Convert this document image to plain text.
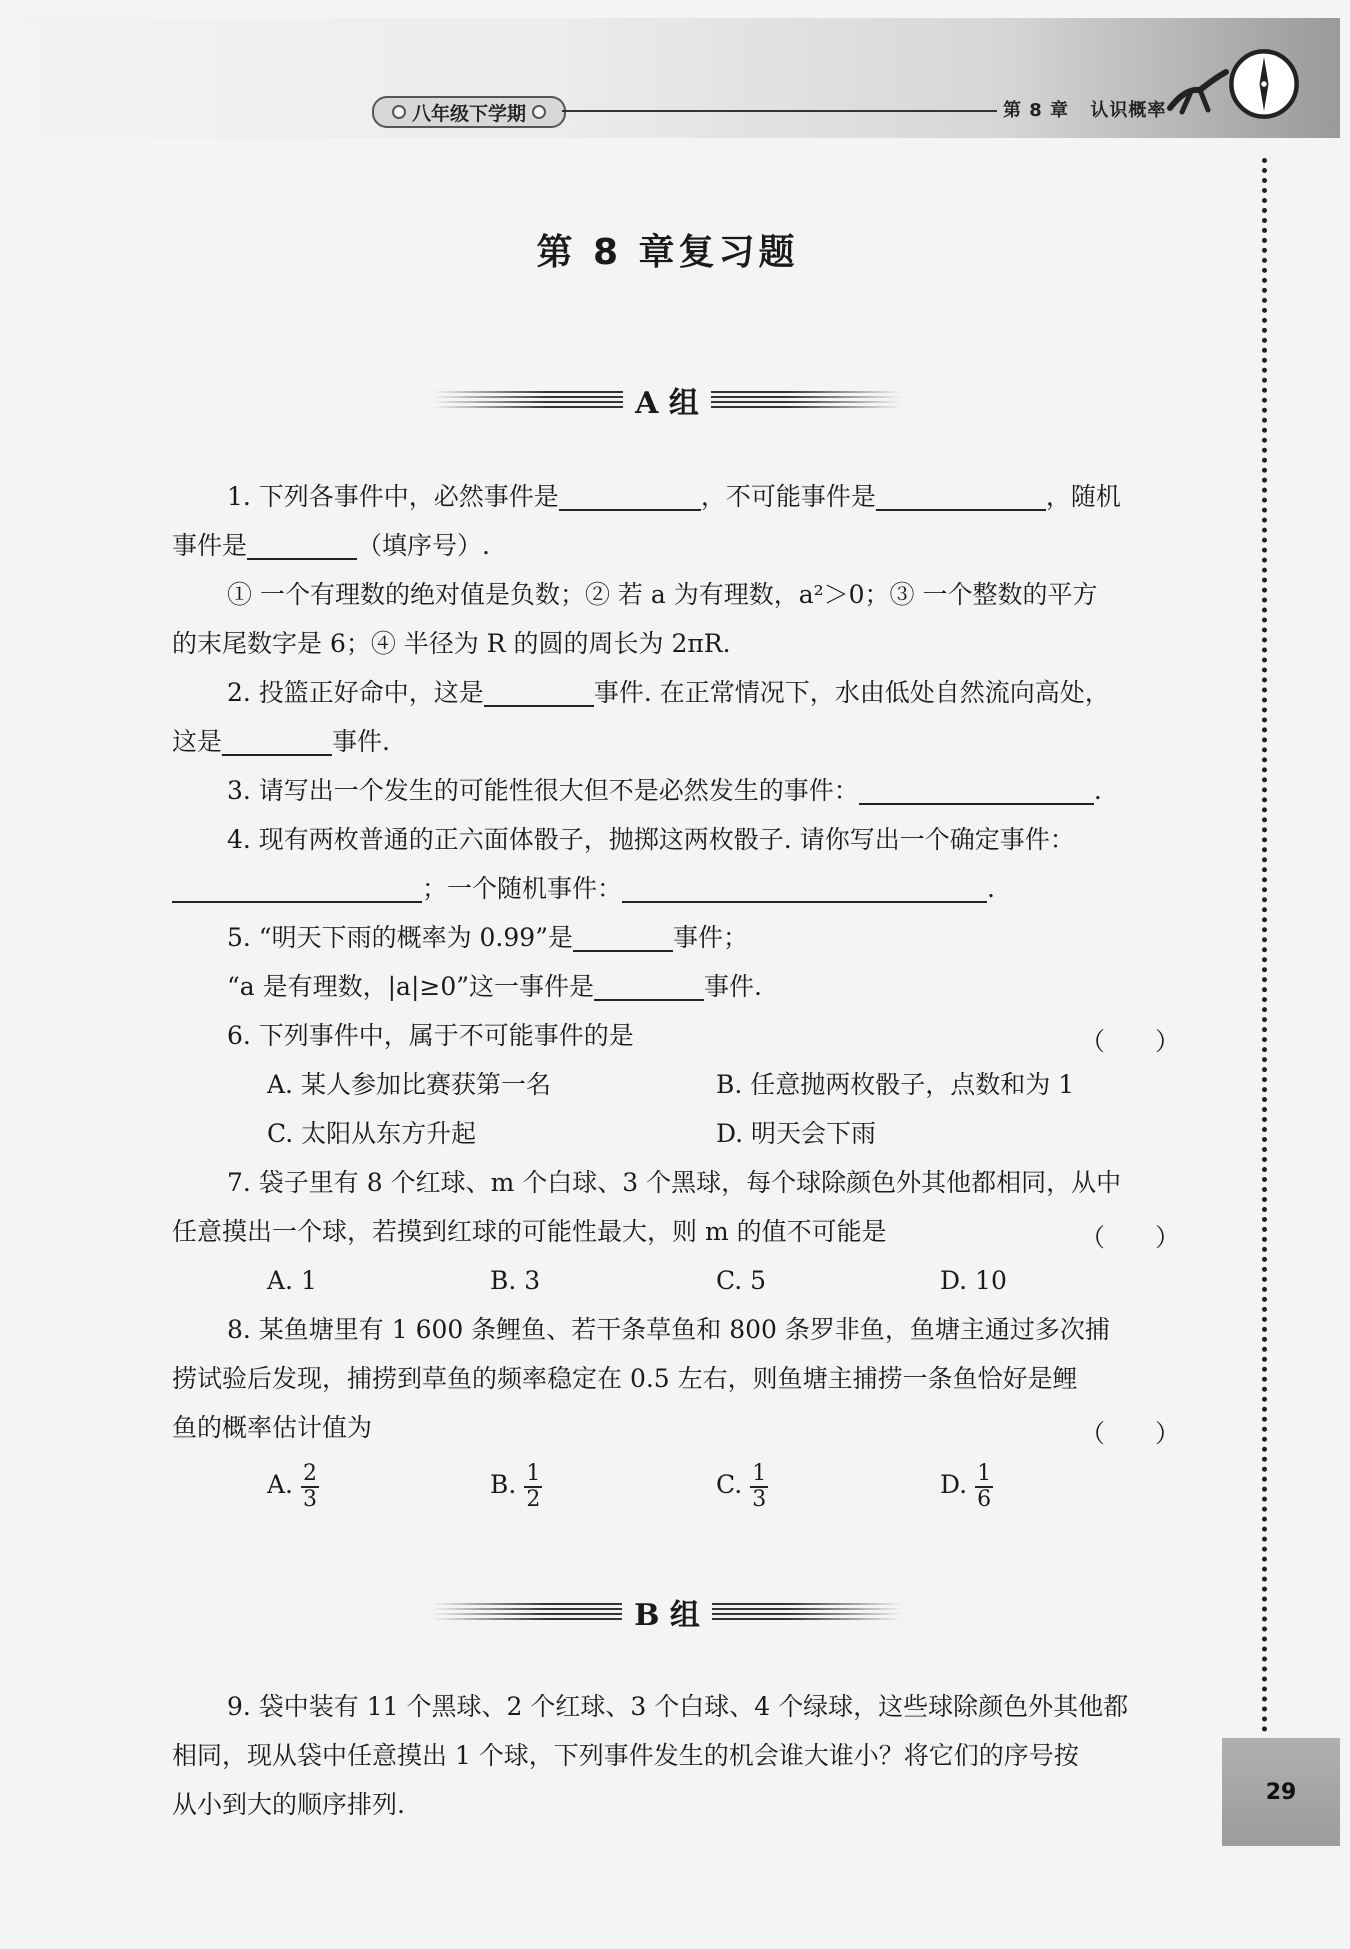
八年级下学期	第 8 章 认识概率
29
第 8 章复习题
A 组
1. 下列各事件中，必然事件是	，不可能事件是	，随机
事件是	（填序号）.
① 一个有理数的绝对值是负数；② 若 a 为有理数，a²＞0；③ 一个整数的平方
的末尾数字是 6；④ 半径为 R 的圆的周长为 2πR.
2. 投篮正好命中，这是	事件. 在正常情况下，水由低处自然流向高处，
这是	事件.
3. 请写出一个发生的可能性很大但不是必然发生的事件：	.
4. 现有两枚普通的正六面体骰子，抛掷这两枚骰子. 请你写出一个确定事件：
；一个随机事件：	.
5. “明天下雨的概率为 0.99”是	事件；
“a 是有理数，|a|≥0”这一事件是	事件.
6. 下列事件中，属于不可能事件的是	（　　）
A. 某人参加比赛获第一名	B. 任意抛两枚骰子，点数和为 1
C. 太阳从东方升起	D. 明天会下雨
7. 袋子里有 8 个红球、m 个白球、3 个黑球，每个球除颜色外其他都相同，从中
任意摸出一个球，若摸到红球的可能性最大，则 m 的值不可能是	（　　）
A. 1	B. 3	C. 5	D. 10
8. 某鱼塘里有 1 600 条鲤鱼、若干条草鱼和 800 条罗非鱼，鱼塘主通过多次捕
捞试验后发现，捕捞到草鱼的频率稳定在 0.5 左右，则鱼塘主捕捞一条鱼恰好是鲤
鱼的概率估计值为	（　　）
A. $\frac{2}{3}$	B. $\frac{1}{2}$	C. $\frac{1}{3}$	D. $\frac{1}{6}$
B 组
9. 袋中装有 11 个黑球、2 个红球、3 个白球、4 个绿球，这些球除颜色外其他都
相同，现从袋中任意摸出 1 个球，下列事件发生的机会谁大谁小？将它们的序号按
从小到大的顺序排列.
